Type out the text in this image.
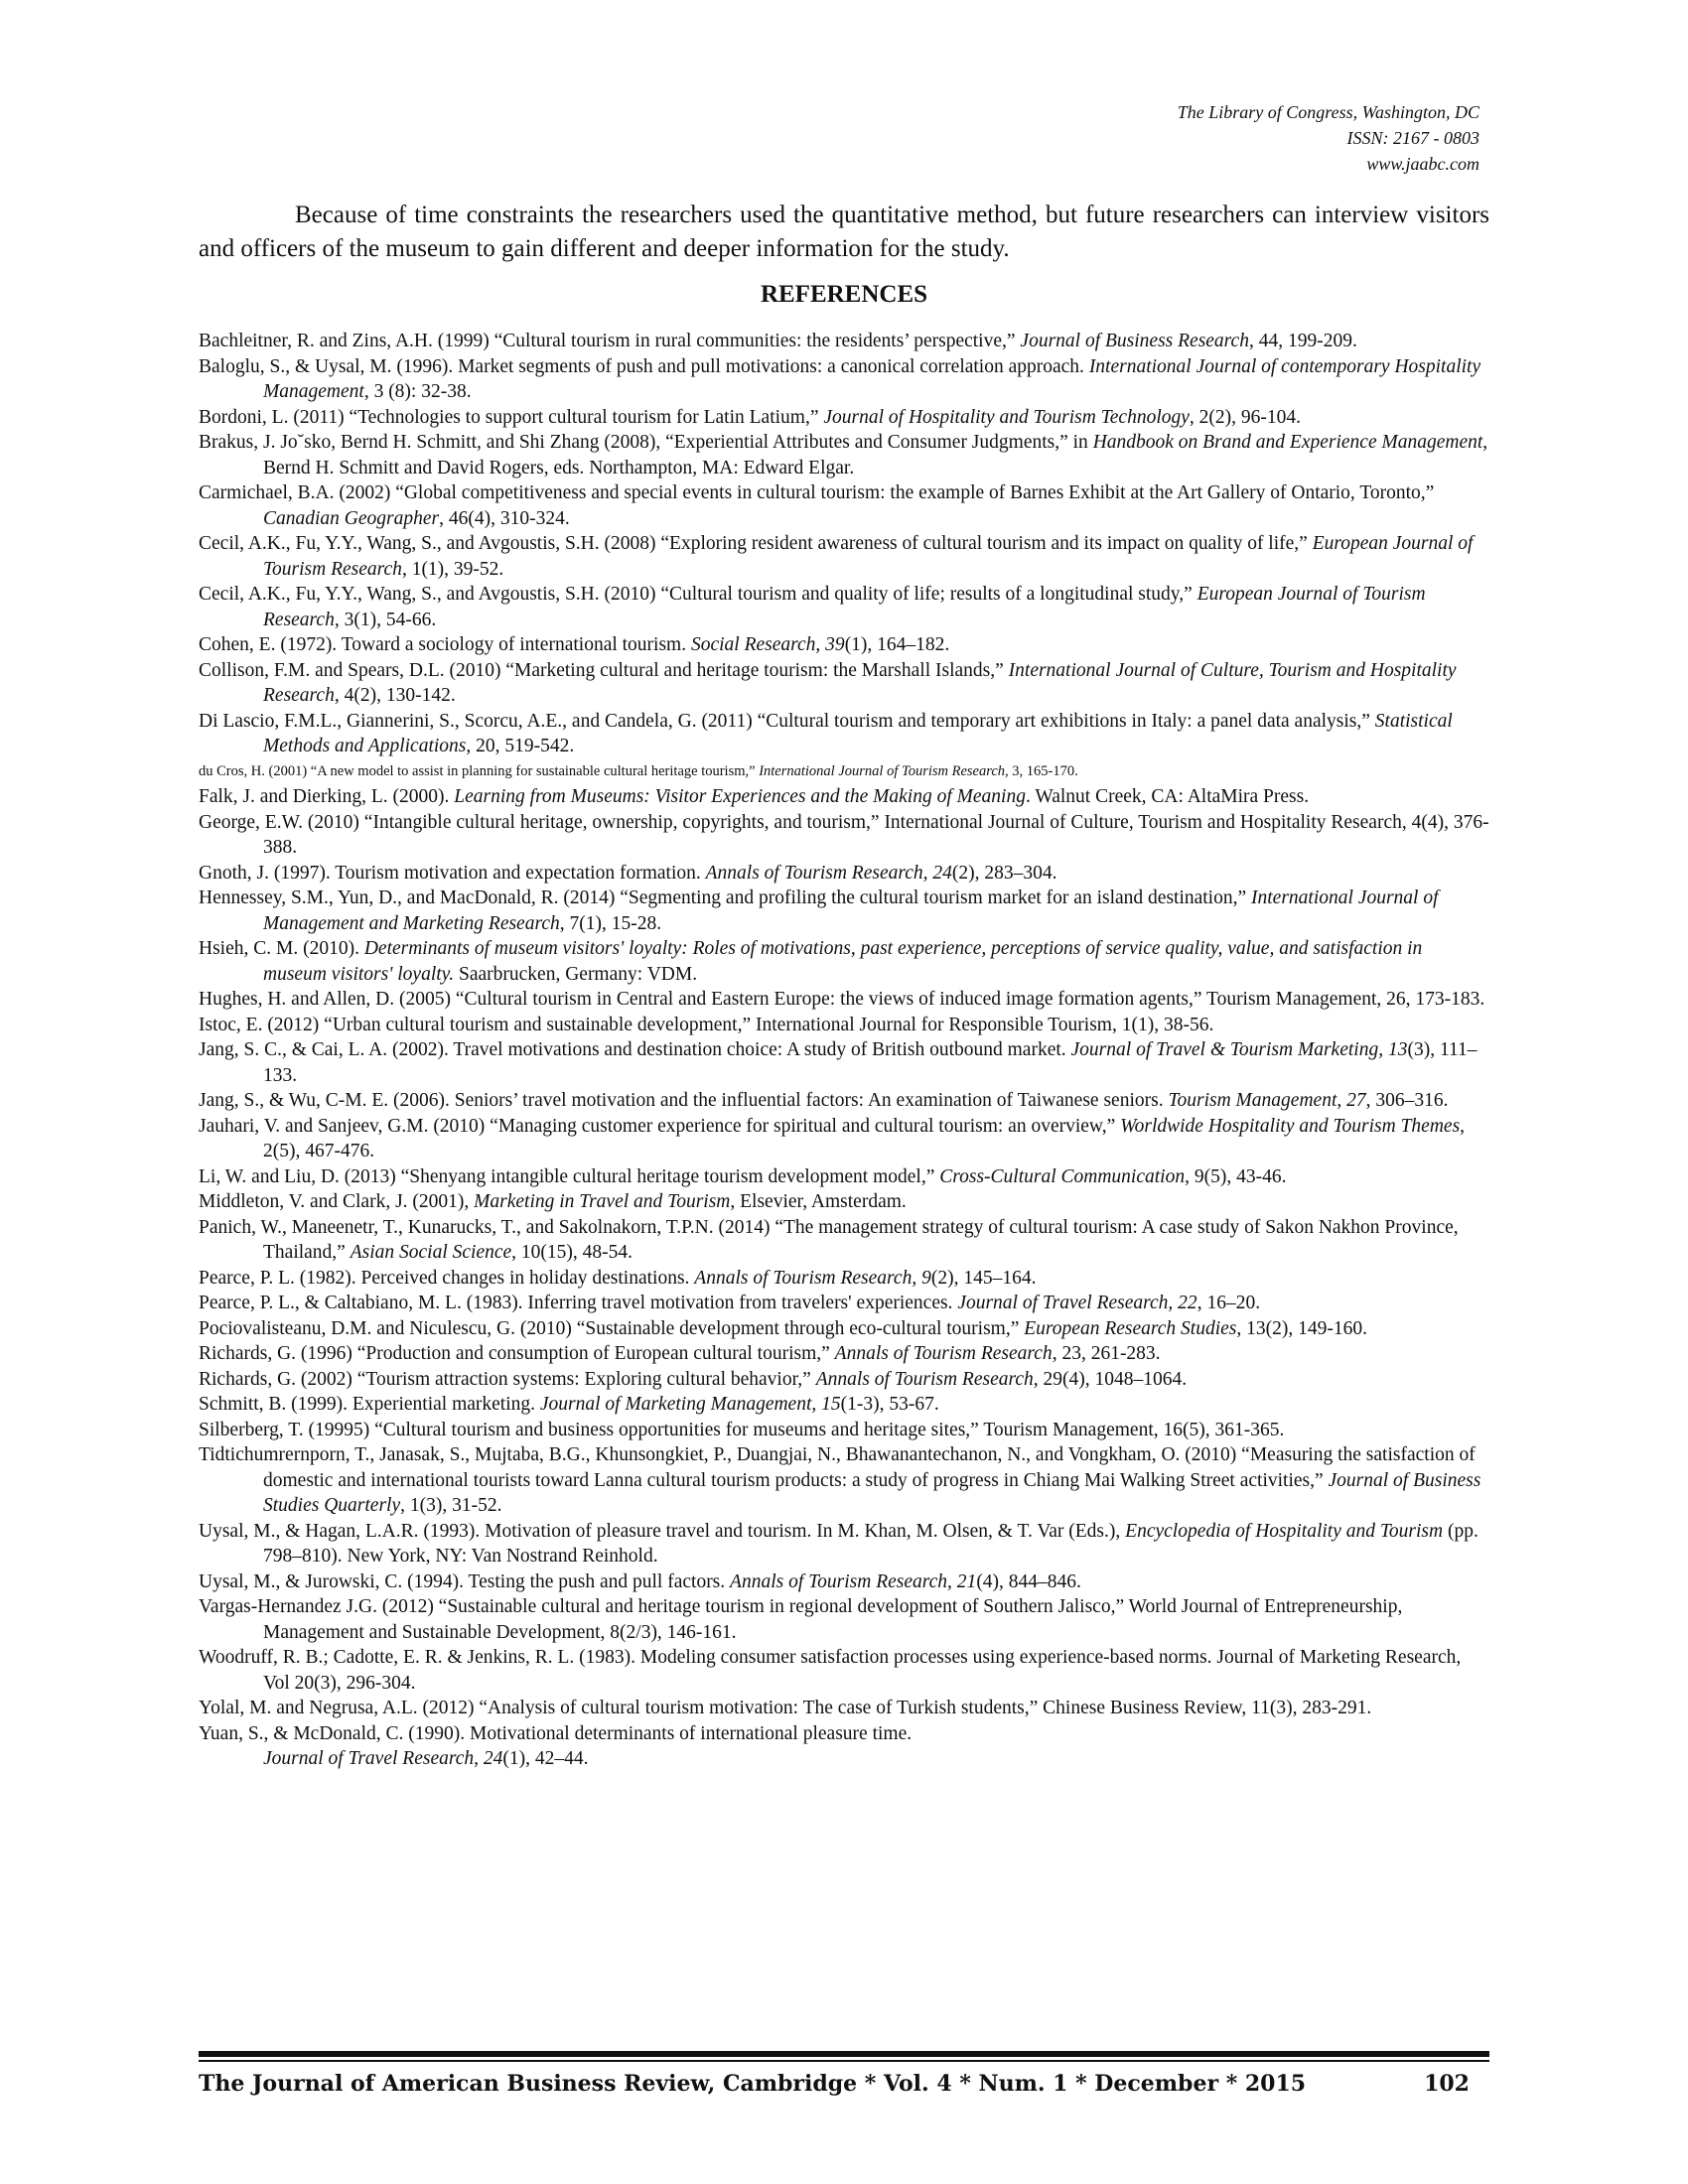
The Library of Congress, Washington, DC
ISSN: 2167 - 0803
www.jaabc.com

Because of time constraints the researchers used the quantitative method, but future researchers can interview visitors and officers of the museum to gain different and deeper information for the study.

REFERENCES
Bachleitner, R. and Zins, A.H. (1999) “Cultural tourism in rural communities: the residents’ perspective,” Journal of Business Research, 44, 199-209.
Baloglu, S., & Uysal, M. (1996). Market segments of push and pull motivations: a canonical correlation approach. International Journal of contemporary Hospitality Management, 3 (8): 32-38.
Bordoni, L. (2011) “Technologies to support cultural tourism for Latin Latium,” Journal of Hospitality and Tourism Technology, 2(2), 96-104.
Brakus, J. Jo˘sko, Bernd H. Schmitt, and Shi Zhang (2008), “Experiential Attributes and Consumer Judgments,” in Handbook on Brand and Experience Management, Bernd H. Schmitt and David Rogers, eds. Northampton, MA: Edward Elgar.
Carmichael, B.A. (2002) “Global competitiveness and special events in cultural tourism: the example of Barnes Exhibit at the Art Gallery of Ontario, Toronto,” Canadian Geographer, 46(4), 310-324.
Cecil, A.K., Fu, Y.Y., Wang, S., and Avgoustis, S.H. (2008) “Exploring resident awareness of cultural tourism and its impact on quality of life,” European Journal of Tourism Research, 1(1), 39-52.
Cecil, A.K., Fu, Y.Y., Wang, S., and Avgoustis, S.H. (2010) “Cultural tourism and quality of life; results of a longitudinal study,” European Journal of Tourism Research, 3(1), 54-66.
Cohen, E. (1972). Toward a sociology of international tourism. Social Research, 39(1), 164–182.
Collison, F.M. and Spears, D.L. (2010) “Marketing cultural and heritage tourism: the Marshall Islands,” International Journal of Culture, Tourism and Hospitality Research, 4(2), 130-142.
Di Lascio, F.M.L., Giannerini, S., Scorcu, A.E., and Candela, G. (2011) “Cultural tourism and temporary art exhibitions in Italy: a panel data analysis,” Statistical Methods and Applications, 20, 519-542.
du Cros, H. (2001) “A new model to assist in planning for sustainable cultural heritage tourism,” International Journal of Tourism Research, 3, 165-170.
Falk, J. and Dierking, L. (2000). Learning from Museums: Visitor Experiences and the Making of Meaning. Walnut Creek, CA: AltaMira Press.
George, E.W. (2010) “Intangible cultural heritage, ownership, copyrights, and tourism,” International Journal of Culture, Tourism and Hospitality Research, 4(4), 376-388.
Gnoth, J. (1997). Tourism motivation and expectation formation. Annals of Tourism Research, 24(2), 283–304.
Hennessey, S.M., Yun, D., and MacDonald, R. (2014) “Segmenting and profiling the cultural tourism market for an island destination,” International Journal of Management and Marketing Research, 7(1), 15-28.
Hsieh, C. M. (2010). Determinants of museum visitors' loyalty: Roles of motivations, past experience, perceptions of service quality, value, and satisfaction in museum visitors' loyalty. Saarbrucken, Germany: VDM.
Hughes, H. and Allen, D. (2005) “Cultural tourism in Central and Eastern Europe: the views of induced image formation agents,” Tourism Management, 26, 173-183.
Istoc, E. (2012) “Urban cultural tourism and sustainable development,” International Journal for Responsible Tourism, 1(1), 38-56.
Jang, S. C., & Cai, L. A. (2002). Travel motivations and destination choice: A study of British outbound market. Journal of Travel & Tourism Marketing, 13(3), 111–133.
Jang, S., & Wu, C-M. E. (2006). Seniors’ travel motivation and the influential factors: An examination of Taiwanese seniors. Tourism Management, 27, 306–316.
Jauhari, V. and Sanjeev, G.M. (2010) “Managing customer experience for spiritual and cultural tourism: an overview,” Worldwide Hospitality and Tourism Themes, 2(5), 467-476.
Li, W. and Liu, D. (2013) “Shenyang intangible cultural heritage tourism development model,” Cross-Cultural Communication, 9(5), 43-46.
Middleton, V. and Clark, J. (2001), Marketing in Travel and Tourism, Elsevier, Amsterdam.
Panich, W., Maneenetr, T., Kunarucks, T., and Sakolnakorn, T.P.N. (2014) “The management strategy of cultural tourism: A case study of Sakon Nakhon Province, Thailand,” Asian Social Science, 10(15), 48-54.
Pearce, P. L. (1982). Perceived changes in holiday destinations. Annals of Tourism Research, 9(2), 145–164.
Pearce, P. L., & Caltabiano, M. L. (1983). Inferring travel motivation from travelers' experiences. Journal of Travel Research, 22, 16–20.
Pociovalisteanu, D.M. and Niculescu, G. (2010) “Sustainable development through eco-cultural tourism,” European Research Studies, 13(2), 149-160.
Richards, G. (1996) “Production and consumption of European cultural tourism,” Annals of Tourism Research, 23, 261-283.
Richards, G. (2002) “Tourism attraction systems: Exploring cultural behavior,” Annals of Tourism Research, 29(4), 1048–1064.
Schmitt, B. (1999). Experiential marketing. Journal of Marketing Management, 15(1-3), 53-67.
Silberberg, T. (19995) “Cultural tourism and business opportunities for museums and heritage sites,” Tourism Management, 16(5), 361-365.
Tidtichumrernporn, T., Janasak, S., Mujtaba, B.G., Khunsongkiet, P., Duangjai, N., Bhawanantechanon, N., and Vongkham, O. (2010) “Measuring the satisfaction of domestic and international tourists toward Lanna cultural tourism products: a study of progress in Chiang Mai Walking Street activities,” Journal of Business Studies Quarterly, 1(3), 31-52.
Uysal, M., & Hagan, L.A.R. (1993). Motivation of pleasure travel and tourism. In M. Khan, M. Olsen, & T. Var (Eds.), Encyclopedia of Hospitality and Tourism (pp. 798–810). New York, NY: Van Nostrand Reinhold.
Uysal, M., & Jurowski, C. (1994). Testing the push and pull factors. Annals of Tourism Research, 21(4), 844–846.
Vargas-Hernandez J.G. (2012) “Sustainable cultural and heritage tourism in regional development of Southern Jalisco,” World Journal of Entrepreneurship, Management and Sustainable Development, 8(2/3), 146-161.
Woodruff, R. B.; Cadotte, E. R. & Jenkins, R. L. (1983). Modeling consumer satisfaction processes using experience-based norms. Journal of Marketing Research, Vol 20(3), 296-304.
Yolal, M. and Negrusa, A.L. (2012) “Analysis of cultural tourism motivation: The case of Turkish students,” Chinese Business Review, 11(3), 283-291.
Yuan, S., & McDonald, C. (1990). Motivational determinants of international pleasure time.
Journal of Travel Research, 24(1), 42–44.
The Journal of American Business Review, Cambridge * Vol. 4 * Num. 1 * December * 2015	102
